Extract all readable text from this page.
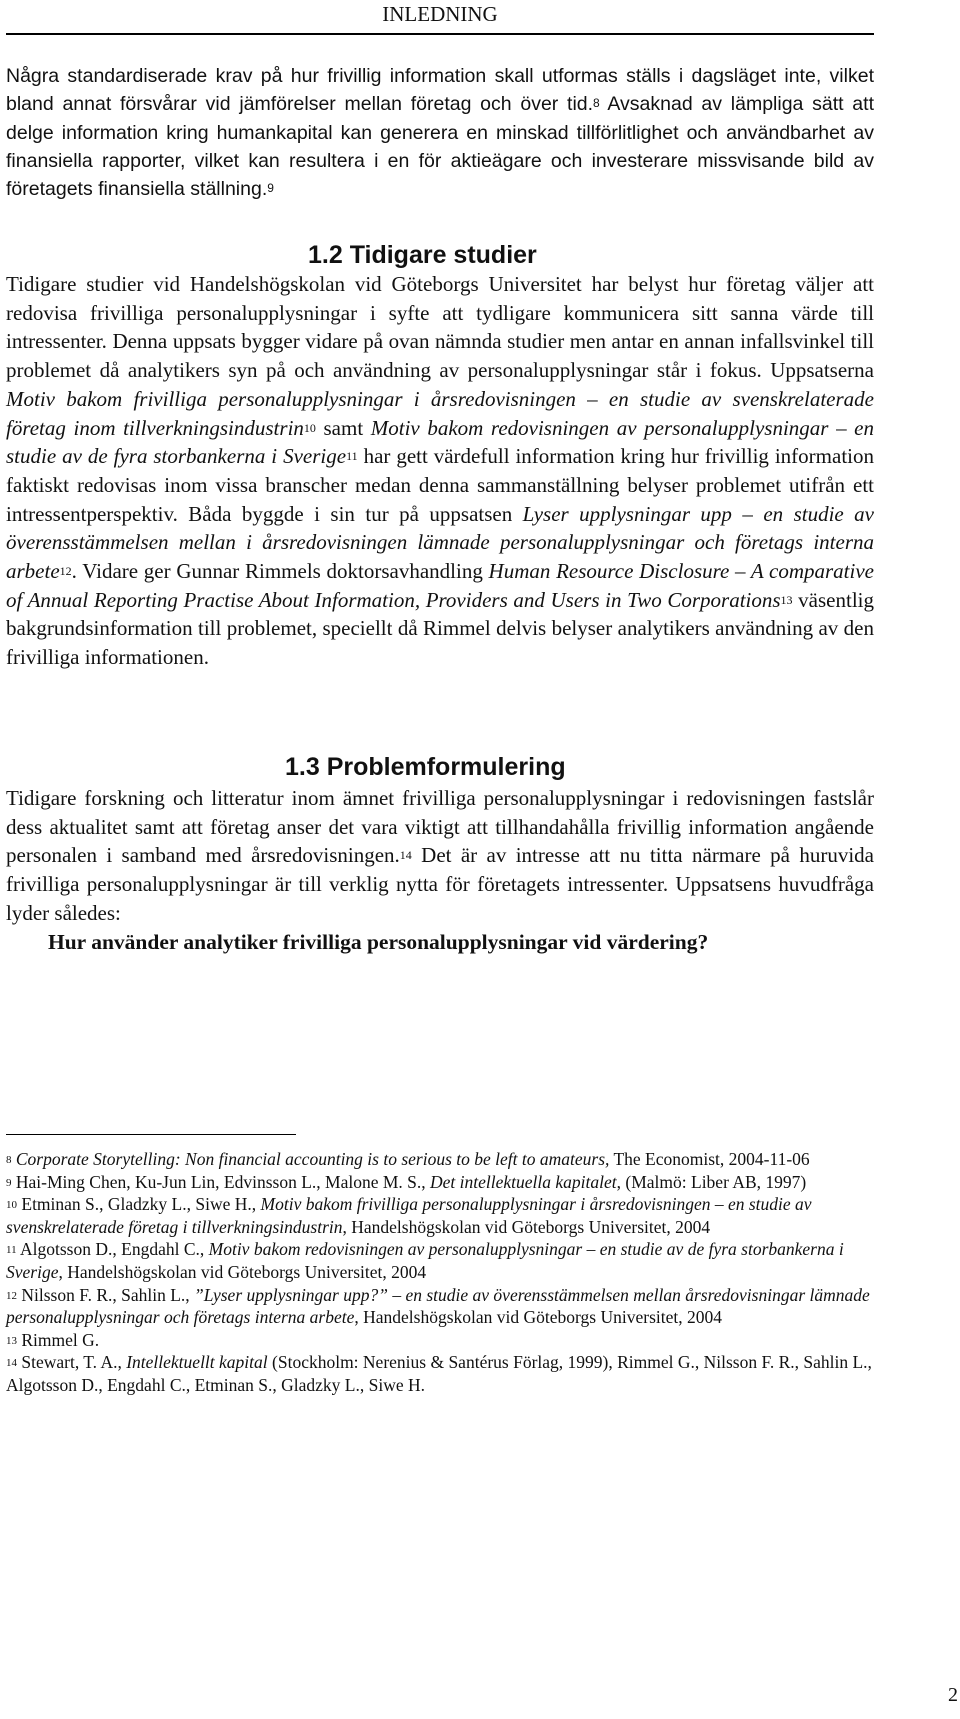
INLEDNING
Några standardiserade krav på hur frivillig information skall utformas ställs i dagsläget inte, vilket bland annat försvårar vid jämförelser mellan företag och över tid.$^8$ Avsaknad av lämpliga sätt att delge information kring humankapital kan generera en minskad tillförlitlighet och användbarhet av finansiella rapporter, vilket kan resultera i en för aktieägare och investerare missvisande bild av företagets finansiella ställning.$^9$
1.2 Tidigare studier
Tidigare studier vid Handelshögskolan vid Göteborgs Universitet har belyst hur företag väljer att redovisa frivilliga personalupplysningar i syfte att tydligare kommunicera sitt sanna värde till intressenter. Denna uppsats bygger vidare på ovan nämnda studier men antar en annan infallsvinkel till problemet då analytikers syn på och användning av personalupplysningar står i fokus. Uppsatserna Motiv bakom frivilliga personalupplysningar i årsredovisningen – en studie av svenskrelaterade företag inom tillverkningsindustrin$^{10}$ samt Motiv bakom redovisningen av personalupplysningar – en studie av de fyra storbankerna i Sverige$^{11}$ har gett värdefull information kring hur frivillig information faktiskt redovisas inom vissa branscher medan denna sammanställning belyser problemet utifrån ett intressentperspektiv. Båda byggde i sin tur på uppsatsen Lyser upplysningar upp – en studie av överensstämmelsen mellan i årsredovisningen lämnade personalupplysningar och företags interna arbete$^{12}$. Vidare ger Gunnar Rimmels doktorsavhandling Human Resource Disclosure – A comparative of Annual Reporting Practise About Information, Providers and Users in Two Corporations$^{13}$ väsentlig bakgrundsinformation till problemet, speciellt då Rimmel delvis belyser analytikers användning av den frivilliga informationen.
1.3 Problemformulering
Tidigare forskning och litteratur inom ämnet frivilliga personalupplysningar i redovisningen fastslår dess aktualitet samt att företag anser det vara viktigt att tillhandahålla frivillig information angående personalen i samband med årsredovisningen.$^{14}$ Det är av intresse att nu titta närmare på huruvida frivilliga personalupplysningar är till verklig nytta för företagets intressenter. Uppsatsens huvudfråga lyder således:
Hur använder analytiker frivilliga personalupplysningar vid värdering?

$^8$ Corporate Storytelling: Non financial accounting is to serious to be left to amateurs, The Economist, 2004-11-06

$^9$ Hai-Ming Chen, Ku-Jun Lin, Edvinsson L., Malone M. S., Det intellektuella kapitalet, (Malmö: Liber AB, 1997)

$^{10}$ Etminan S., Gladzky L., Siwe H., Motiv bakom frivilliga personalupplysningar i årsredovisningen – en studie av svenskrelaterade företag i tillverkningsindustrin, Handelshögskolan vid Göteborgs Universitet, 2004

$^{11}$ Algotsson D., Engdahl C., Motiv bakom redovisningen av personalupplysningar – en studie av de fyra storbankerna i Sverige, Handelshögskolan vid Göteborgs Universitet, 2004

$^{12}$ Nilsson F. R., Sahlin L., ”Lyser upplysningar upp?” – en studie av överensstämmelsen mellan årsredovisningar lämnade personalupplysningar och företags interna arbete, Handelshögskolan vid Göteborgs Universitet, 2004

$^{13}$ Rimmel G.

$^{14}$ Stewart, T. A., Intellektuellt kapital (Stockholm: Nerenius & Santérus Förlag, 1999), Rimmel G., Nilsson F. R., Sahlin L., Algotsson D., Engdahl C., Etminan S., Gladzky L., Siwe H.

2
